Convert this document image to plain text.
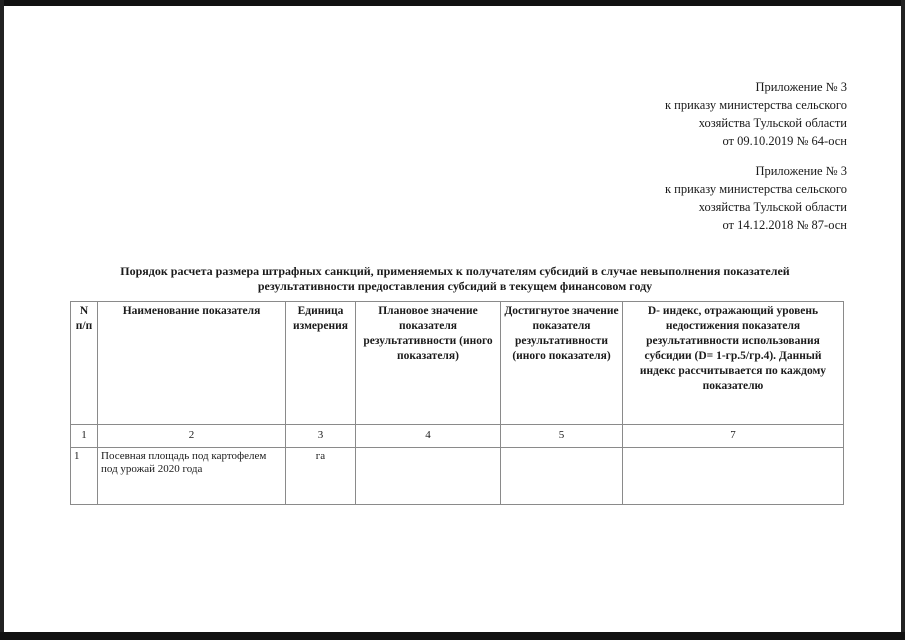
Приложение № 3
к приказу министерства сельского
хозяйства Тульской области
от 09.10.2019 № 64-осн
Приложение № 3
к приказу министерства сельского
хозяйства Тульской области
от 14.12.2018 № 87-осн
Порядок расчета размера штрафных санкций, применяемых к получателям субсидий в случае невыполнения показателей
результативности предоставления субсидий в текущем финансовом году
N п/п	Наименование показателя	Единица измерения	Плановое значение показателя результативности (иного показателя)	Достигнутое значение показателя результативности (иного показателя)	D- индекс, отражающий уровень недостижения показателя результативности использования субсидии (D= 1-гр.5/гр.4). Данный индекс рассчитывается по каждому показателю
1	2	3	4	5	7
1	Посевная площадь под картофелем под урожай 2020 года	га			
